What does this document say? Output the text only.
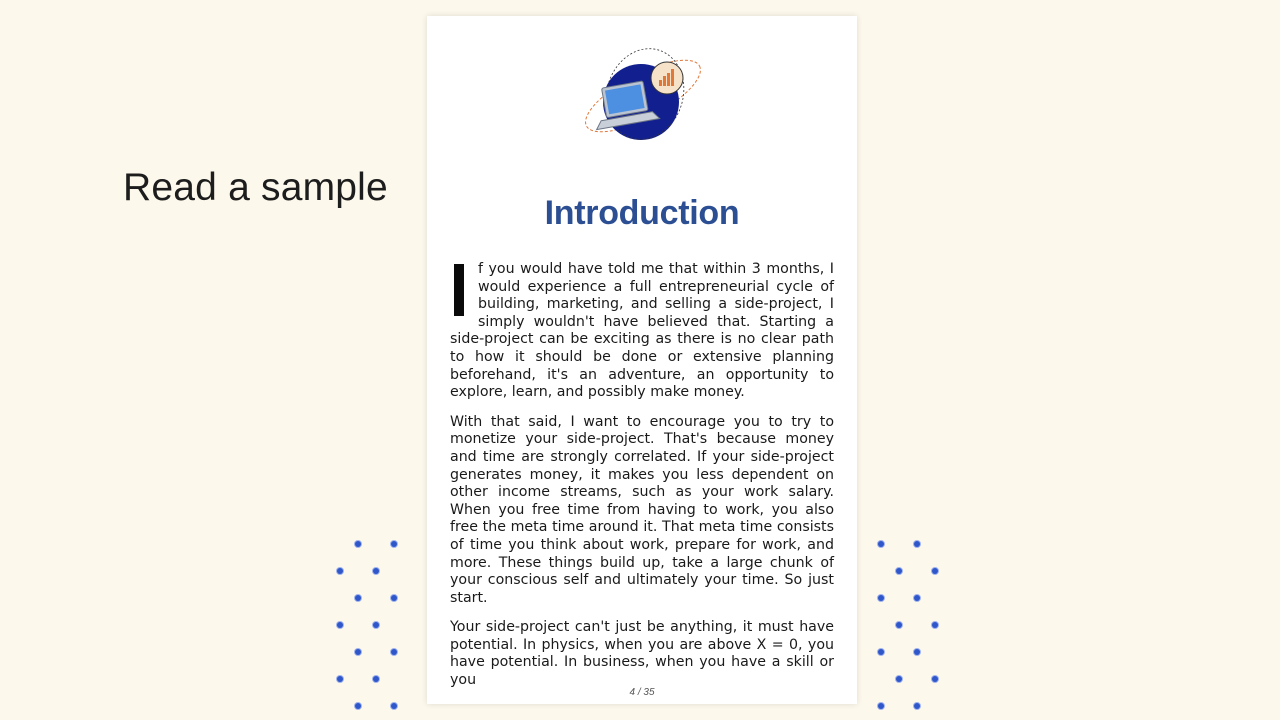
Read a sample
Introduction

f you would have told me that within 3 months, I would experience a full entrepreneurial cycle of building, marketing, and selling a side-project, I simply wouldn't have believed that. Starting a side-project can be exciting as there is no clear path to how it should be done or extensive planning beforehand, it's an adventure, an opportunity to explore, learn, and possibly make money.

With that said, I want to encourage you to try to monetize your side-project. That's because money and time are strongly correlated. If your side-project generates money, it makes you less dependent on other income streams, such as your work salary. When you free time from having to work, you also free the meta time around it. That meta time consists of time you think about work, prepare for work, and more. These things build up, take a large chunk of your conscious self and ultimately your time. So just start.

Your side-project can't just be anything, it must have potential. In physics, when you are above X = 0, you have potential. In business, when you have a skill or you

4 / 35
